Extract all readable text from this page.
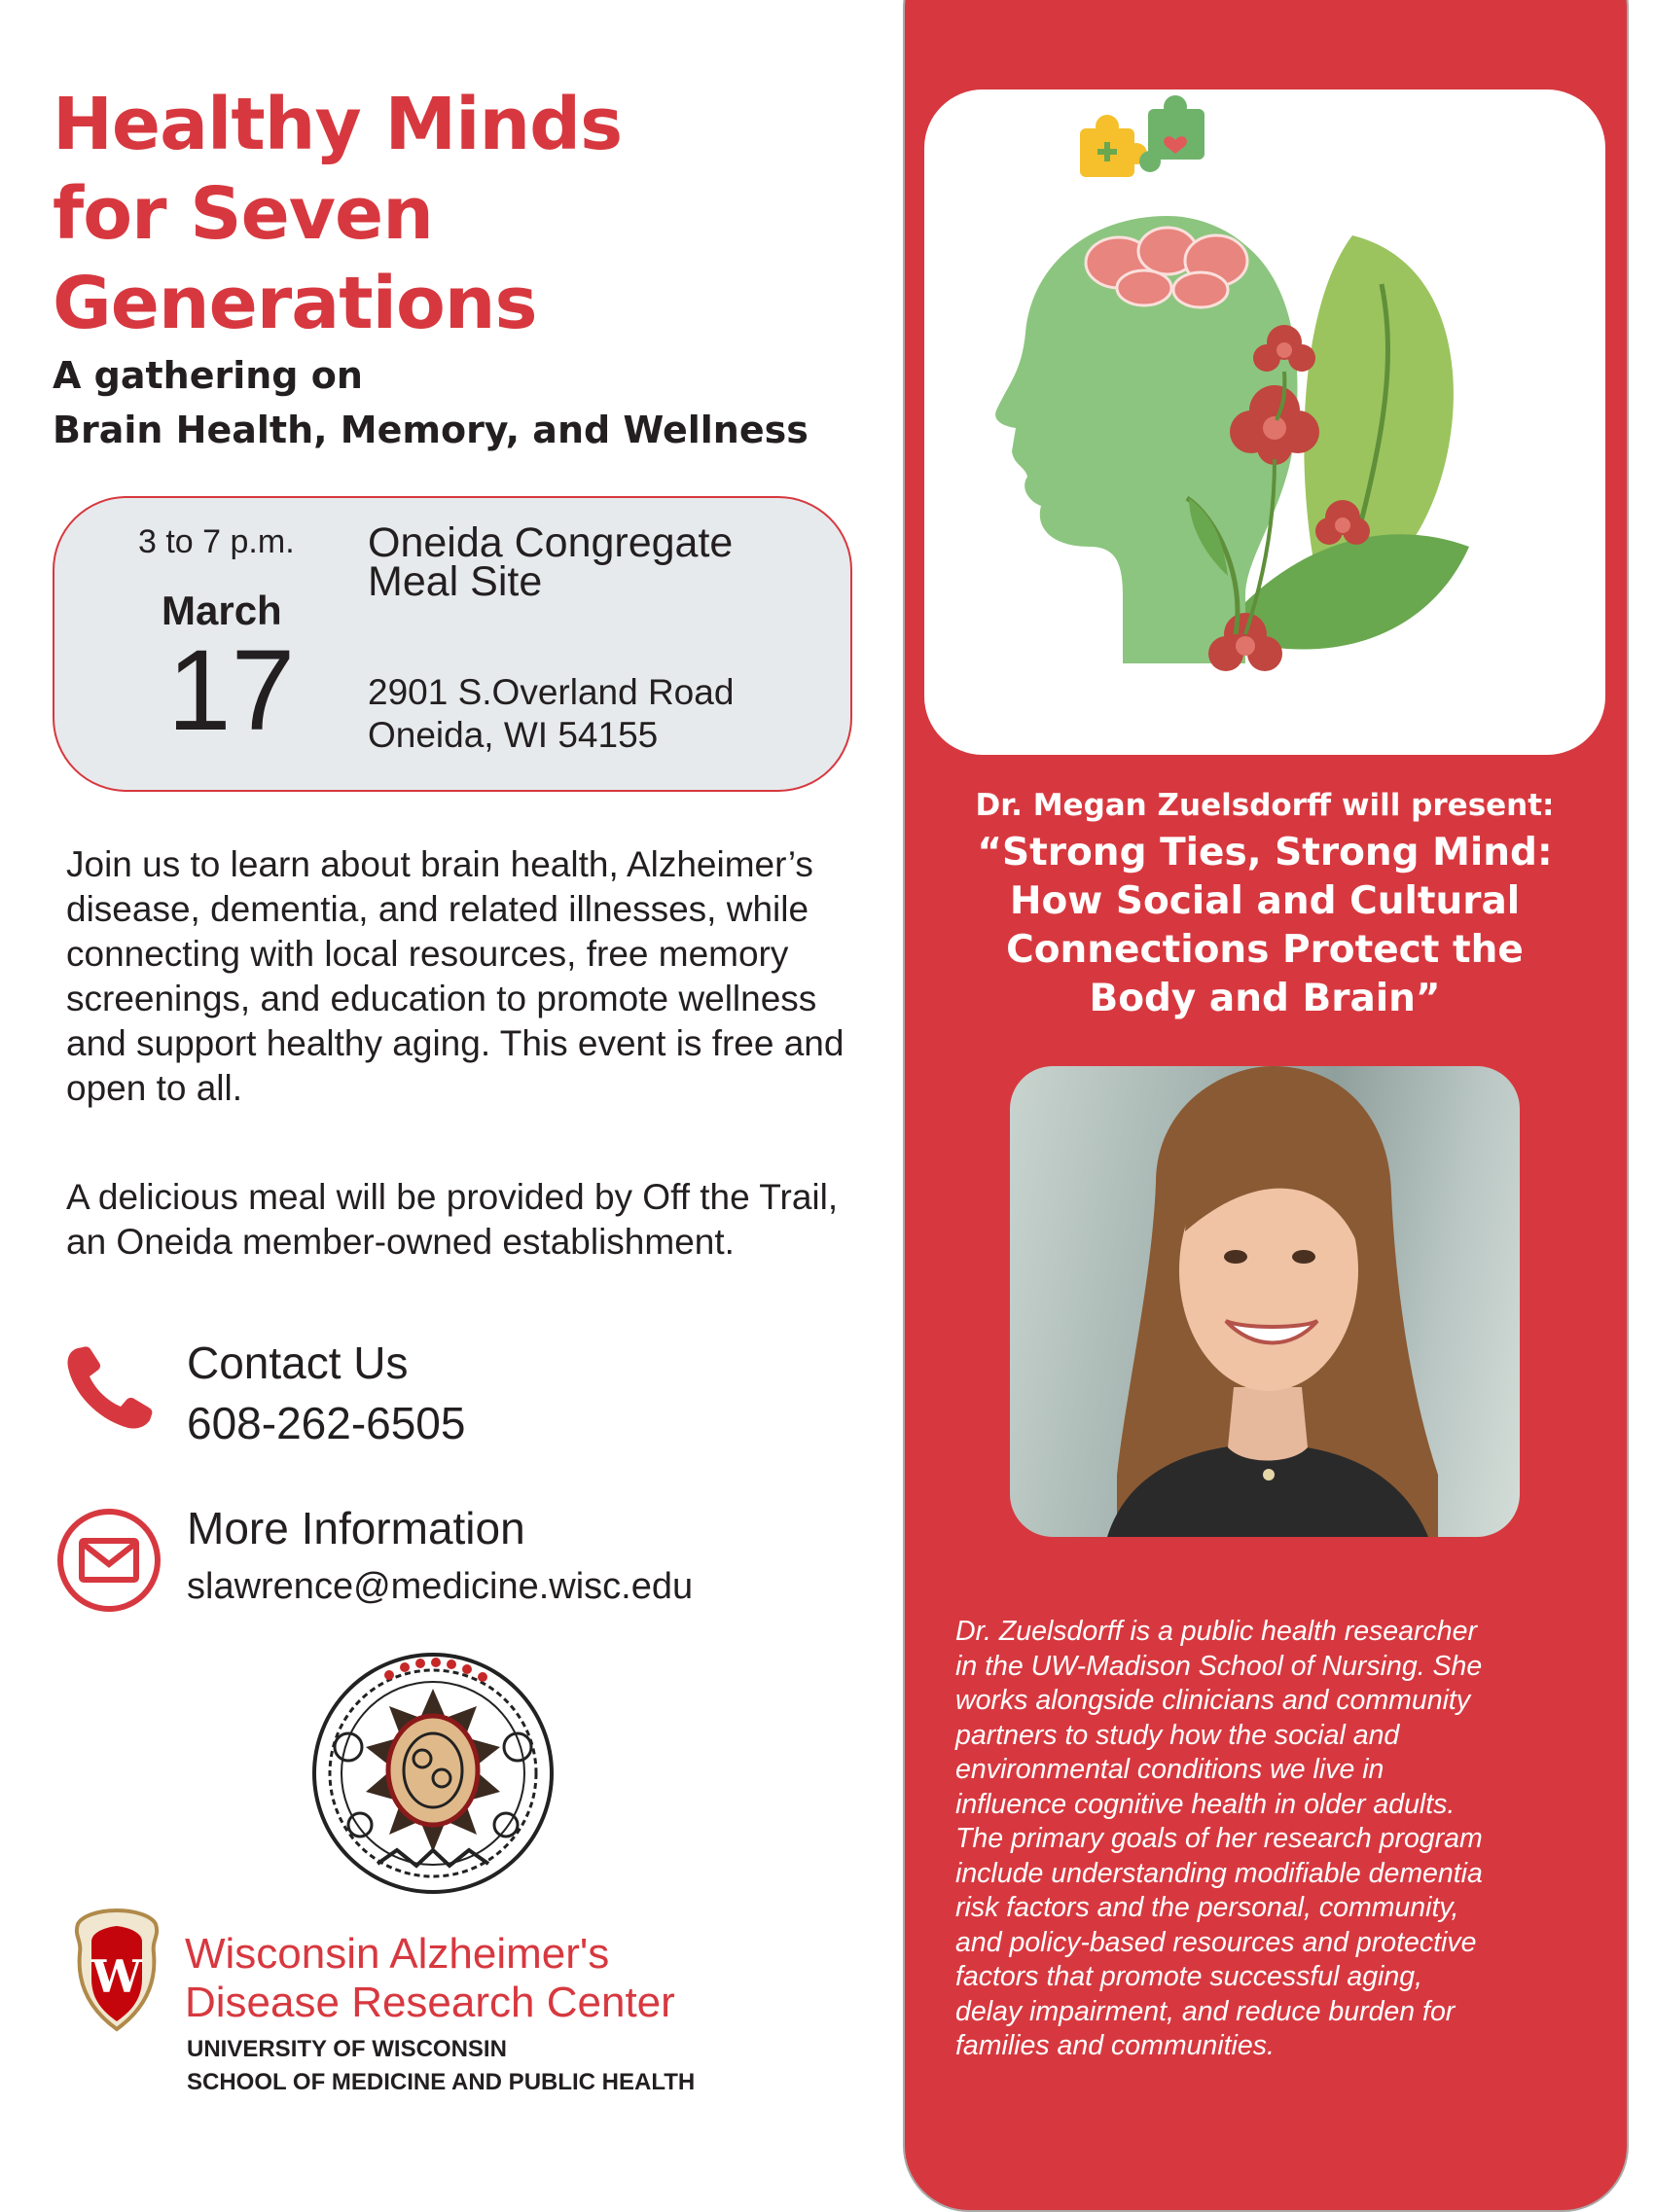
Healthy Minds
for Seven
Generations
A gathering on
Brain Health, Memory, and Wellness
3 to 7 p.m.
March
17
Oneida Congregate Meal Site
2901 S.Overland Road
Oneida, WI 54155

Join us to learn about brain health, Alzheimer’s disease, dementia, and related illnesses, while connecting with local resources, free memory screenings, and education to promote wellness and support healthy aging. This event is free and open to all.

A delicious meal will be provided by Off the Trail, an Oneida member-owned establishment.

Contact Us
608-262-6505
More Information
slawrence@medicine.wisc.edu
W Wisconsin Alzheimer's
Disease Research Center
UNIVERSITY OF WISCONSIN
SCHOOL OF MEDICINE AND PUBLIC HEALTH
Dr. Megan Zuelsdorff will present:
“Strong Ties, Strong Mind:
How Social and Cultural
Connections Protect the
Body and Brain”
Dr. Zuelsdorff is a public health researcher
in the UW-Madison School of Nursing. She
works alongside clinicians and community
partners to study how the social and
environmental conditions we live in
influence cognitive health in older adults.
The primary goals of her research program
include understanding modifiable dementia
risk factors and the personal, community,
and policy-based resources and protective
factors that promote successful aging,
delay impairment, and reduce burden for
families and communities.
